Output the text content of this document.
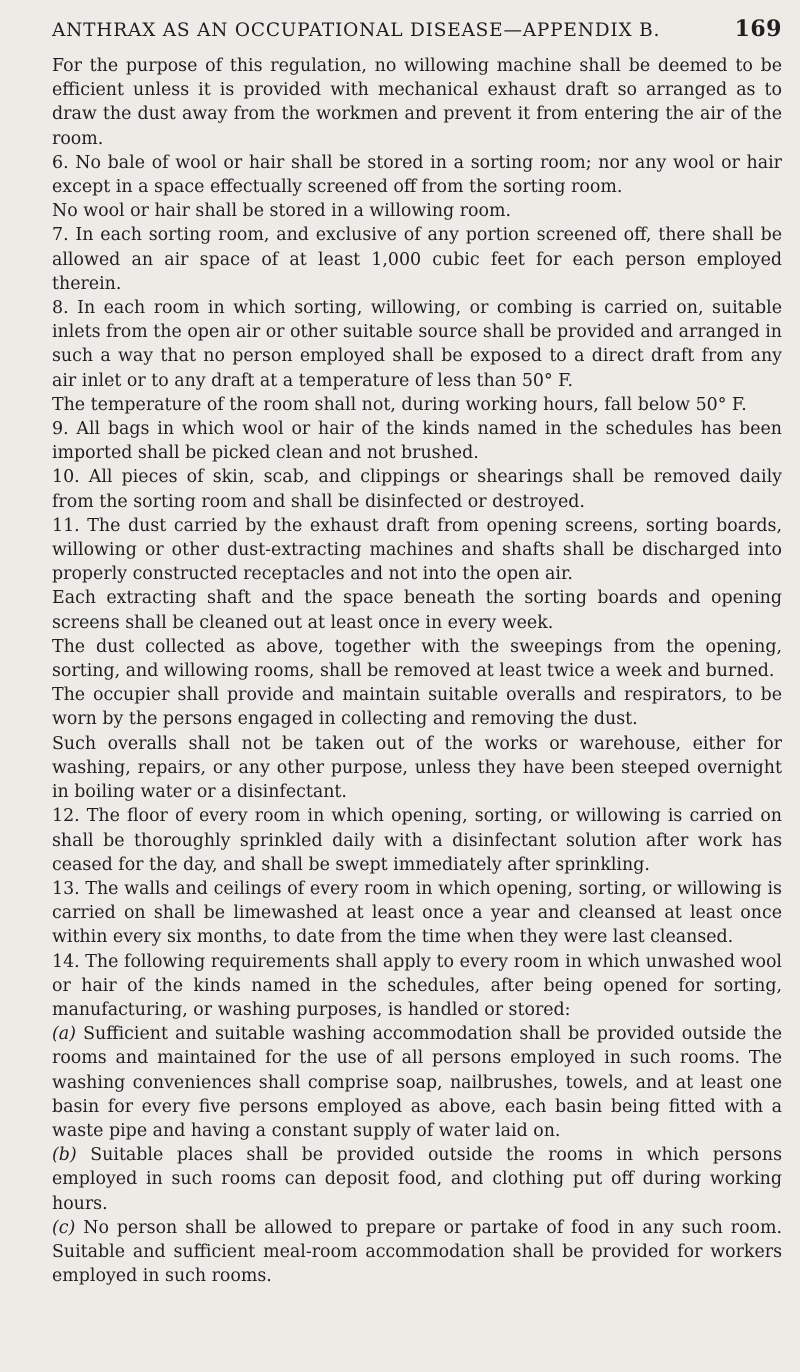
ANTHRAX AS AN OCCUPATIONAL DISEASE—APPENDIX B.	169

For the purpose of this regulation, no willowing machine shall be deemed to be efficient unless it is provided with mechanical exhaust draft so arranged as to draw the dust away from the workmen and prevent it from entering the air of the room.

6. No bale of wool or hair shall be stored in a sorting room; nor any wool or hair except in a space effectually screened off from the sorting room.

No wool or hair shall be stored in a willowing room.

7. In each sorting room, and exclusive of any portion screened off, there shall be allowed an air space of at least 1,000 cubic feet for each person employed therein.

8. In each room in which sorting, willowing, or combing is carried on, suitable inlets from the open air or other suitable source shall be provided and arranged in such a way that no person employed shall be exposed to a direct draft from any air inlet or to any draft at a temperature of less than 50° F.

The temperature of the room shall not, during working hours, fall below 50° F.

9. All bags in which wool or hair of the kinds named in the schedules has been imported shall be picked clean and not brushed.

10. All pieces of skin, scab, and clippings or shearings shall be removed daily from the sorting room and shall be disinfected or destroyed.

11. The dust carried by the exhaust draft from opening screens, sorting boards, willowing or other dust-extracting machines and shafts shall be discharged into properly constructed receptacles and not into the open air.

Each extracting shaft and the space beneath the sorting boards and opening screens shall be cleaned out at least once in every week.

The dust collected as above, together with the sweepings from the opening, sorting, and willowing rooms, shall be removed at least twice a week and burned.

The occupier shall provide and maintain suitable overalls and respirators, to be worn by the persons engaged in collecting and removing the dust.

Such overalls shall not be taken out of the works or warehouse, either for washing, repairs, or any other purpose, unless they have been steeped overnight in boiling water or a disinfectant.

12. The floor of every room in which opening, sorting, or willowing is carried on shall be thoroughly sprinkled daily with a disinfectant solution after work has ceased for the day, and shall be swept immediately after sprinkling.

13. The walls and ceilings of every room in which opening, sorting, or willowing is carried on shall be limewashed at least once a year and cleansed at least once within every six months, to date from the time when they were last cleansed.

14. The following requirements shall apply to every room in which unwashed wool or hair of the kinds named in the schedules, after being opened for sorting, manufacturing, or washing purposes, is handled or stored:

(a) Sufficient and suitable washing accommodation shall be provided outside the rooms and maintained for the use of all persons employed in such rooms. The washing conveniences shall comprise soap, nailbrushes, towels, and at least one basin for every five persons employed as above, each basin being fitted with a waste pipe and having a constant supply of water laid on.

(b) Suitable places shall be provided outside the rooms in which persons employed in such rooms can deposit food, and clothing put off during working hours.

(c) No person shall be allowed to prepare or partake of food in any such room. Suitable and sufficient meal-room accommodation shall be provided for workers employed in such rooms.
